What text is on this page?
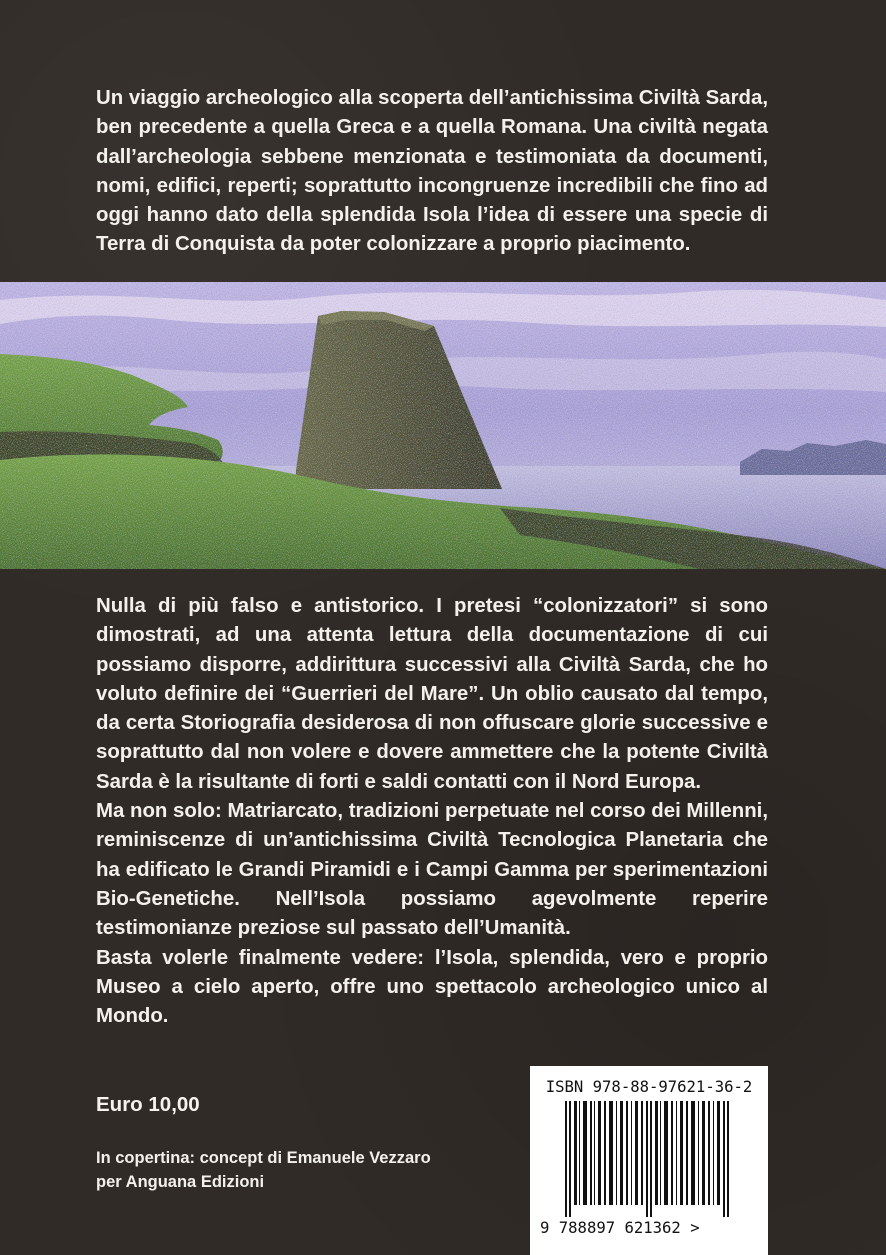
Un viaggio archeologico alla scoperta dell’antichissima Civiltà Sarda, ben precedente a quella Greca e a quella Romana. Una civiltà negata dall’archeologia sebbene menzionata e testimoniata da documenti, nomi, edifici, reperti; soprattutto incongruenze incredibili che fino ad oggi hanno dato della splendida Isola l’idea di essere una specie di Terra di Conquista da poter colonizzare a proprio piacimento.

Nulla di più falso e antistorico. I pretesi “colonizzatori” si sono dimostrati, ad una attenta lettura della documentazione di cui possiamo disporre, addirittura successivi alla Civiltà Sarda, che ho voluto definire dei “Guerrieri del Mare”. Un oblio causato dal tempo, da certa Storiografia desiderosa di non offuscare glorie successive e soprattutto dal non volere e dovere ammettere che la potente Civiltà Sarda è la risultante di forti e saldi contatti con il Nord Europa.

Ma non solo: Matriarcato, tradizioni perpetuate nel corso dei Millenni, reminiscenze di un’antichissima Civiltà Tecnologica Planetaria che ha edificato le Grandi Piramidi e i Campi Gamma per sperimentazioni Bio-Genetiche. Nell’Isola possiamo agevolmente reperire testimonianze preziose sul passato dell’Umanità.

Basta volerle finalmente vedere: l’Isola, splendida, vero e proprio Museo a cielo aperto, offre uno spettacolo archeologico unico al Mondo.

Euro 10,00
In copertina: concept di Emanuele Vezzaro
per Anguana Edizioni
ISBN 978-88-97621-36-2
9 788897 621362 >
